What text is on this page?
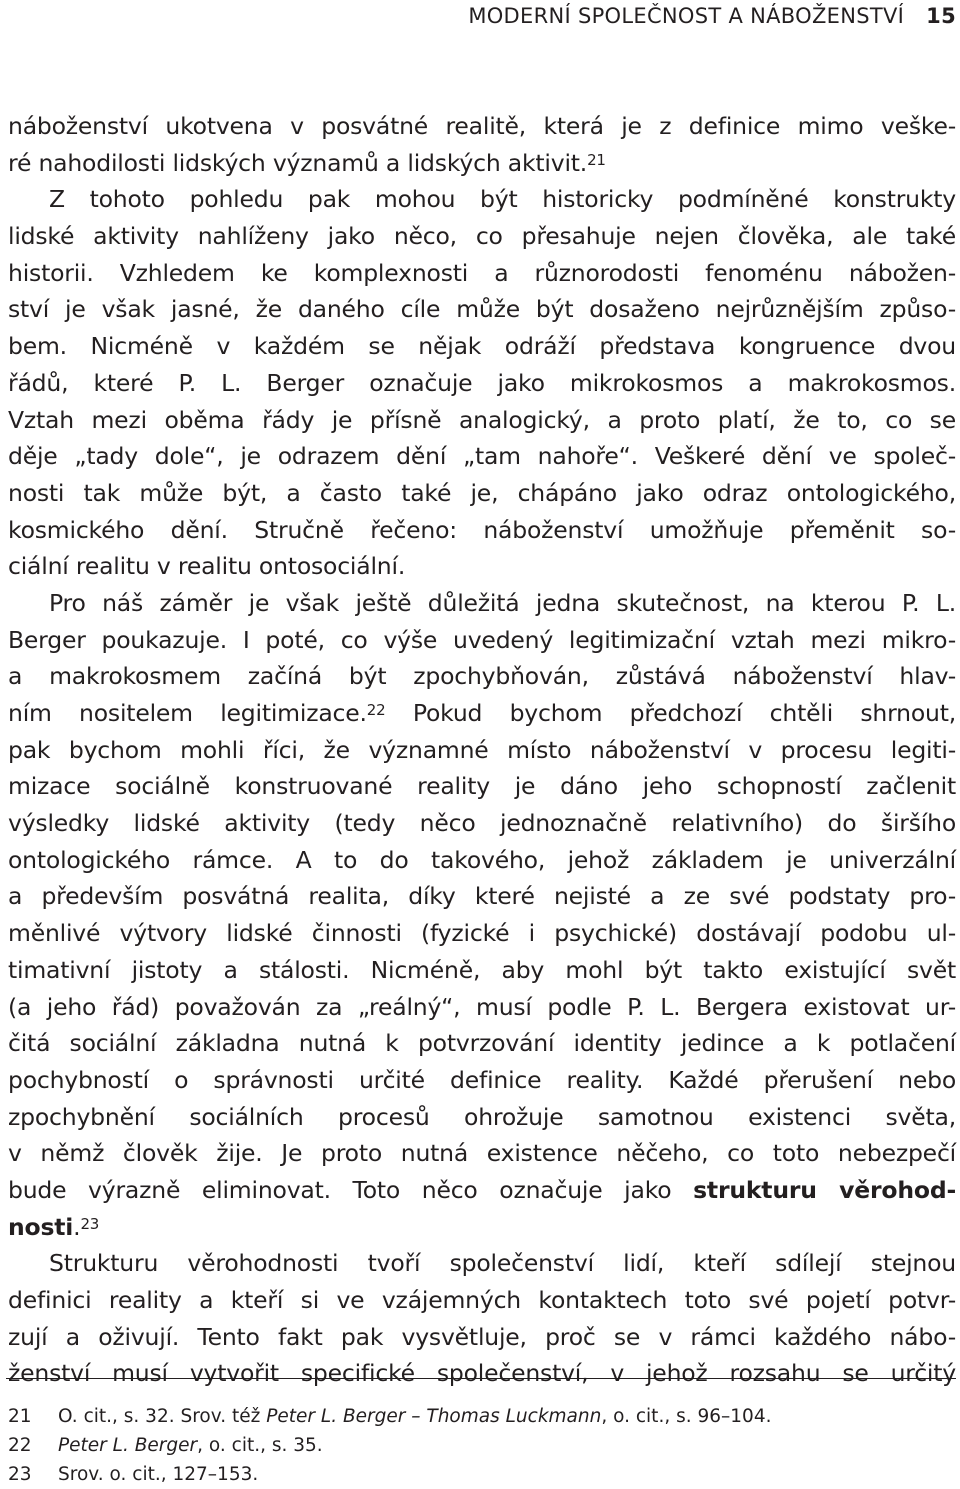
MODERNÍ SPOLEČNOST A NÁBOŽENSTVÍ 15
náboženství ukotvena v posvátné realitě, která je z definice mimo veške-
ré nahodilosti lidských významů a lidských aktivit.$^{21}$
Z tohoto pohledu pak mohou být historicky podmíněné konstrukty
lidské aktivity nahlíženy jako něco, co přesahuje nejen člověka, ale také
historii. Vzhledem ke komplexnosti a různorodosti fenoménu nábožen-
ství je však jasné, že daného cíle může být dosaženo nejrůznějším způso-
bem. Nicméně v každém se nějak odráží představa kongruence dvou
řádů, které P. L. Berger označuje jako mikrokosmos a makrokosmos.
Vztah mezi oběma řády je přísně analogický, a proto platí, že to, co se
děje „tady dole“, je odrazem dění „tam nahoře“. Veškeré dění ve společ-
nosti tak může být, a často také je, chápáno jako odraz ontologického,
kosmického dění. Stručně řečeno: náboženství umožňuje přeměnit so-
ciální realitu v realitu ontosociální.
Pro náš záměr je však ještě důležitá jedna skutečnost, na kterou P. L.
Berger poukazuje. I poté, co výše uvedený legitimizační vztah mezi mikro-
a makrokosmem začíná být zpochybňován, zůstává náboženství hlav-
ním nositelem legitimizace.$^{22}$ Pokud bychom předchozí chtěli shrnout,
pak bychom mohli říci, že významné místo náboženství v procesu legiti-
mizace sociálně konstruované reality je dáno jeho schopností začlenit
výsledky lidské aktivity (tedy něco jednoznačně relativního) do širšího
ontologického rámce. A to do takového, jehož základem je univerzální
a především posvátná realita, díky které nejisté a ze své podstaty pro-
měnlivé výtvory lidské činnosti (fyzické i psychické) dostávají podobu ul-
timativní jistoty a stálosti. Nicméně, aby mohl být takto existující svět
(a jeho řád) považován za „reálný“, musí podle P. L. Bergera existovat ur-
čitá sociální základna nutná k potvrzování identity jedince a k potlačení
pochybností o správnosti určité definice reality. Každé přerušení nebo
zpochybnění sociálních procesů ohrožuje samotnou existenci světa,
v němž člověk žije. Je proto nutná existence něčeho, co toto nebezpečí
bude výrazně eliminovat. Toto něco označuje jako strukturu věrohod-
nosti.$^{23}$
Strukturu věrohodnosti tvoří společenství lidí, kteří sdílejí stejnou
definici reality a kteří si ve vzájemných kontaktech toto své pojetí potvr-
zují a oživují. Tento fakt pak vysvětluje, proč se v rámci každého nábo-
ženství musí vytvořit specifické společenství, v jehož rozsahu se určitý
21 O. cit., s. 32. Srov. též Peter L. Berger – Thomas Luckmann, o. cit., s. 96–104.
22 Peter L. Berger, o. cit., s. 35.
23 Srov. o. cit., 127–153.
